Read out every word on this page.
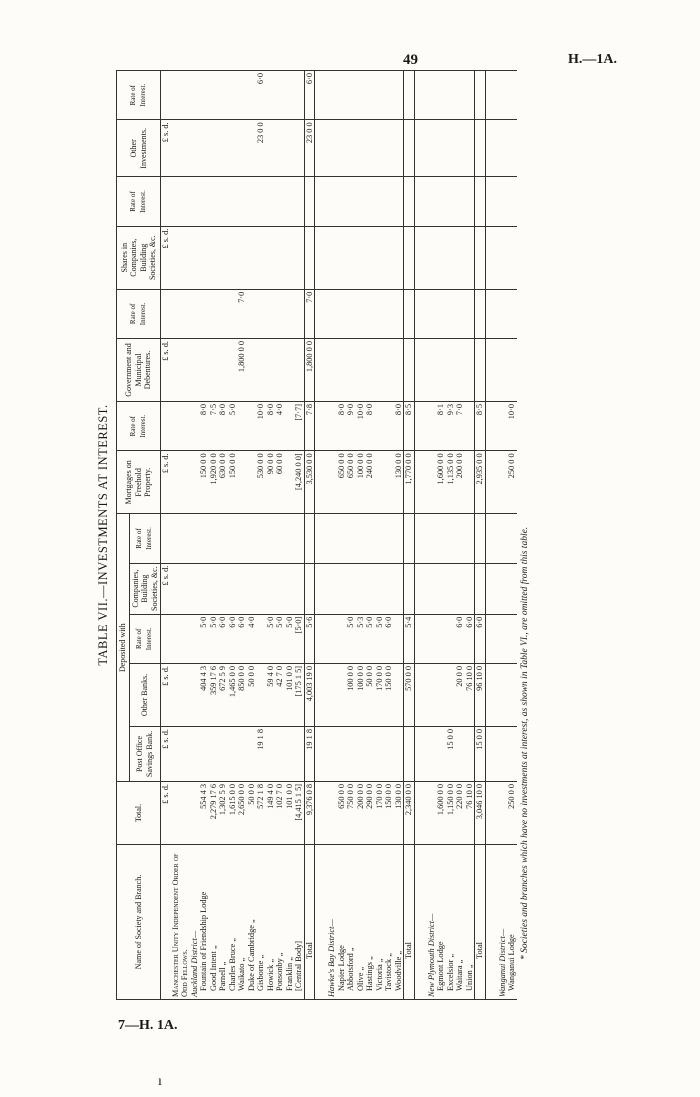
49	H.—1A.
7—H. 1A.
ı
TABLE VII.—INVESTMENTS AT INTEREST.
Name of Society and Branch.	Total.	Deposited with					Mortgages on Freehold Property.	Rate of Interest.	Government and Municipal Debentures.	Rate of Interest.	Shares in Companies, Building Societies, &c.	Rate of Interest.	Other Investments.	Rate of Interest.
		Post Office Savings Bank.	Other Banks.	Rate of Interest.	Companies, Building Societies, &c.	Rate of Interest.								
	£ s. d.	£ s. d.	£ s. d.		£ s. d.		£ s. d.		£ s. d.		£ s. d.		£ s. d.	
Manchester Unity Independent Order of Odd Fellows.														
Auckland District—														
Fountain of Friendship Lodge	554 4 3		404 4 3	5·0			150 0 0	8·0						
Good Intent „	2,279 17 6		359 17 6	5·0			1,920 0 0	7·5						
Parnell „	1,302 5 9		672 5 9	6·0			630 0 0	8·0						
Charles Bruce „	1,615 0 0		1,465 0 0	6·0			150 0 0	5·0						
Waikato „	2,650 0 0		850 0 0	6·0					1,800 0 0	7·0				
Duke of Cambridge „	50 0 0		50 0 0	4·0										
Gisborne „	572 1 8	19 1 8					530 0 0	10·0					23 0 0	6·0
Howick „	149 4 0		59 4 0	5·0			90 0 0	8·0						
Ponsonby „	102 7 0		42 7 0	5·0			60 0 0	4·0						
Franklin „	101 0 0		101 0 0	5·0										
[Central Body]	[4,415 1 5]		[175 1 5]	[5·0]			[4,240 0 0]	[7·7]						
Total	9,376 0 8	19 1 8	4,003 19 0	5·6			3,530 0 0	7·8	1,800 0 0	7·0			23 0 0	6·0

Hawke's Bay District—														
Napier Lodge	650 0 0						650 0 0	8·0						
Abbotsford „	750 0 0		100 0 0	5·0			650 0 0	9·0						
Olive „	200 0 0		100 0 0	5·3			100 0 0	10·0						
Hastings „	290 0 0		50 0 0	5·0			240 0 0	8·0						
Victoria „	170 0 0		170 0 0	5·0										
Tavistock „	150 0 0		150 0 0	6·0										
Woodville „	130 0 0						130 0 0	8·0						
Total	2,340 0 0		570 0 0	5·4			1,770 0 0	8·5						

New Plymouth District—														
Egmont Lodge	1,600 0 0						1,600 0 0	8·1						
Excelsior „	1,150 0 0	15 0 0					1,135 0 0	9·3						
Waitara „	220 0 0		20 0 0	6·0			200 0 0	7·0						
Union „	76 10 0		76 10 0	6·0										
Total	3,046 10 0	15 0 0	96 10 0	6·0			2,935 0 0	8·5						

Wanganui District—														
Wanganui Lodge	250 0 0						250 0 0	10·0						
* Societies and branches which have no investments at interest, as shown in Table VI., are omitted from this table.
